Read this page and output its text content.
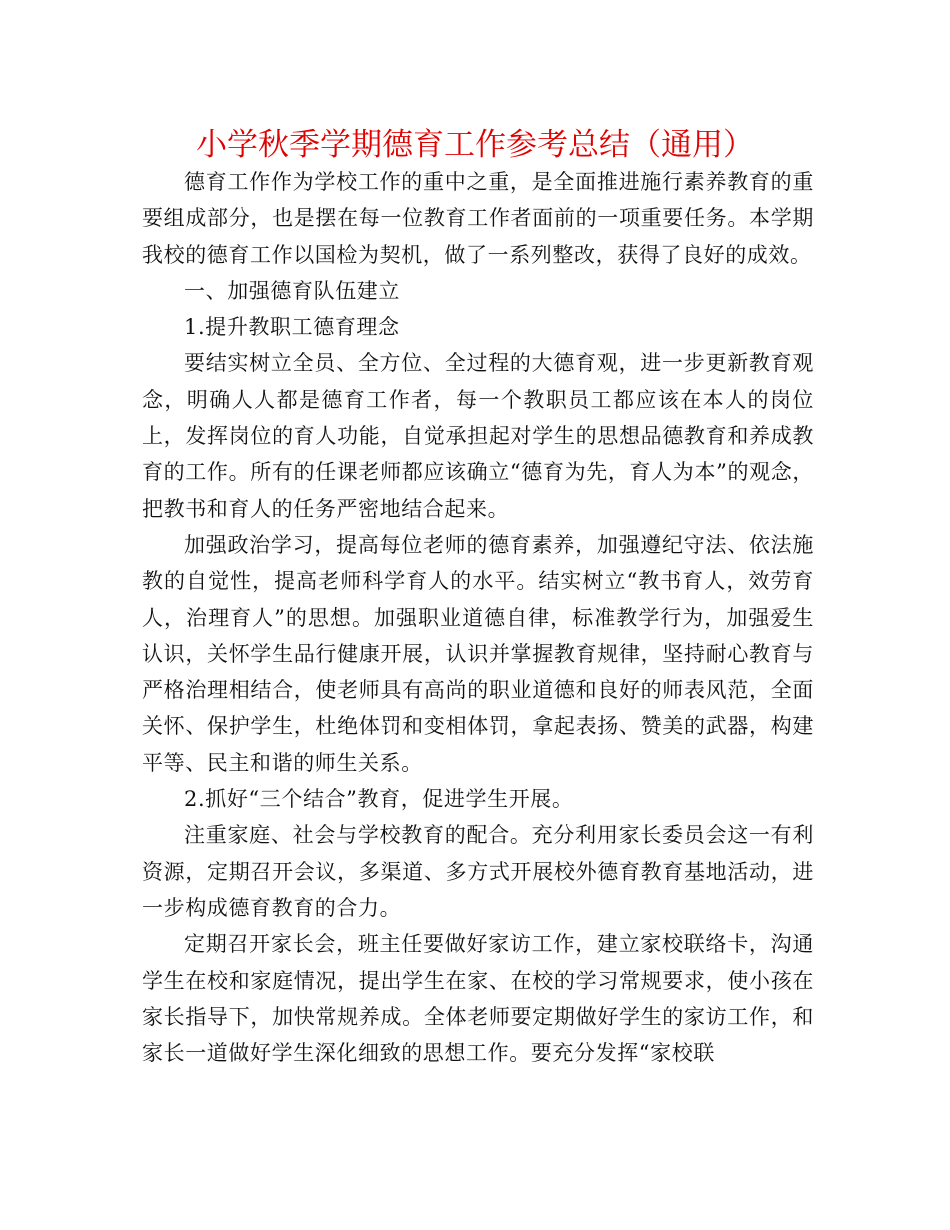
小学秋季学期德育工作参考总结（通用）

德育工作作为学校工作的重中之重，是全面推进施行素养教育的重要组成部分，也是摆在每一位教育工作者面前的一项重要任务。本学期我校的德育工作以国检为契机，做了一系列整改，获得了良好的成效。

一、加强德育队伍建立

1.提升教职工德育理念

要结实树立全员、全方位、全过程的大德育观，进一步更新教育观念，明确人人都是德育工作者，每一个教职员工都应该在本人的岗位上，发挥岗位的育人功能，自觉承担起对学生的思想品德教育和养成教育的工作。所有的任课老师都应该确立“德育为先，育人为本”的观念，把教书和育人的任务严密地结合起来。

加强政治学习，提高每位老师的德育素养，加强遵纪守法、依法施教的自觉性，提高老师科学育人的水平。结实树立“教书育人，效劳育人，治理育人”的思想。加强职业道德自律，标准教学行为，加强爱生认识，关怀学生品行健康开展，认识并掌握教育规律，坚持耐心教育与严格治理相结合，使老师具有高尚的职业道德和良好的师表风范，全面关怀、保护学生，杜绝体罚和变相体罚，拿起表扬、赞美的武器，构建平等、民主和谐的师生关系。

2.抓好“三个结合”教育，促进学生开展。

注重家庭、社会与学校教育的配合。充分利用家长委员会这一有利资源，定期召开会议，多渠道、多方式开展校外德育教育基地活动，进一步构成德育教育的合力。

定期召开家长会，班主任要做好家访工作，建立家校联络卡，沟通学生在校和家庭情况，提出学生在家、在校的学习常规要求，使小孩在家长指导下，加快常规养成。全体老师要定期做好学生的家访工作，和家长一道做好学生深化细致的思想工作。要充分发挥“家校联
